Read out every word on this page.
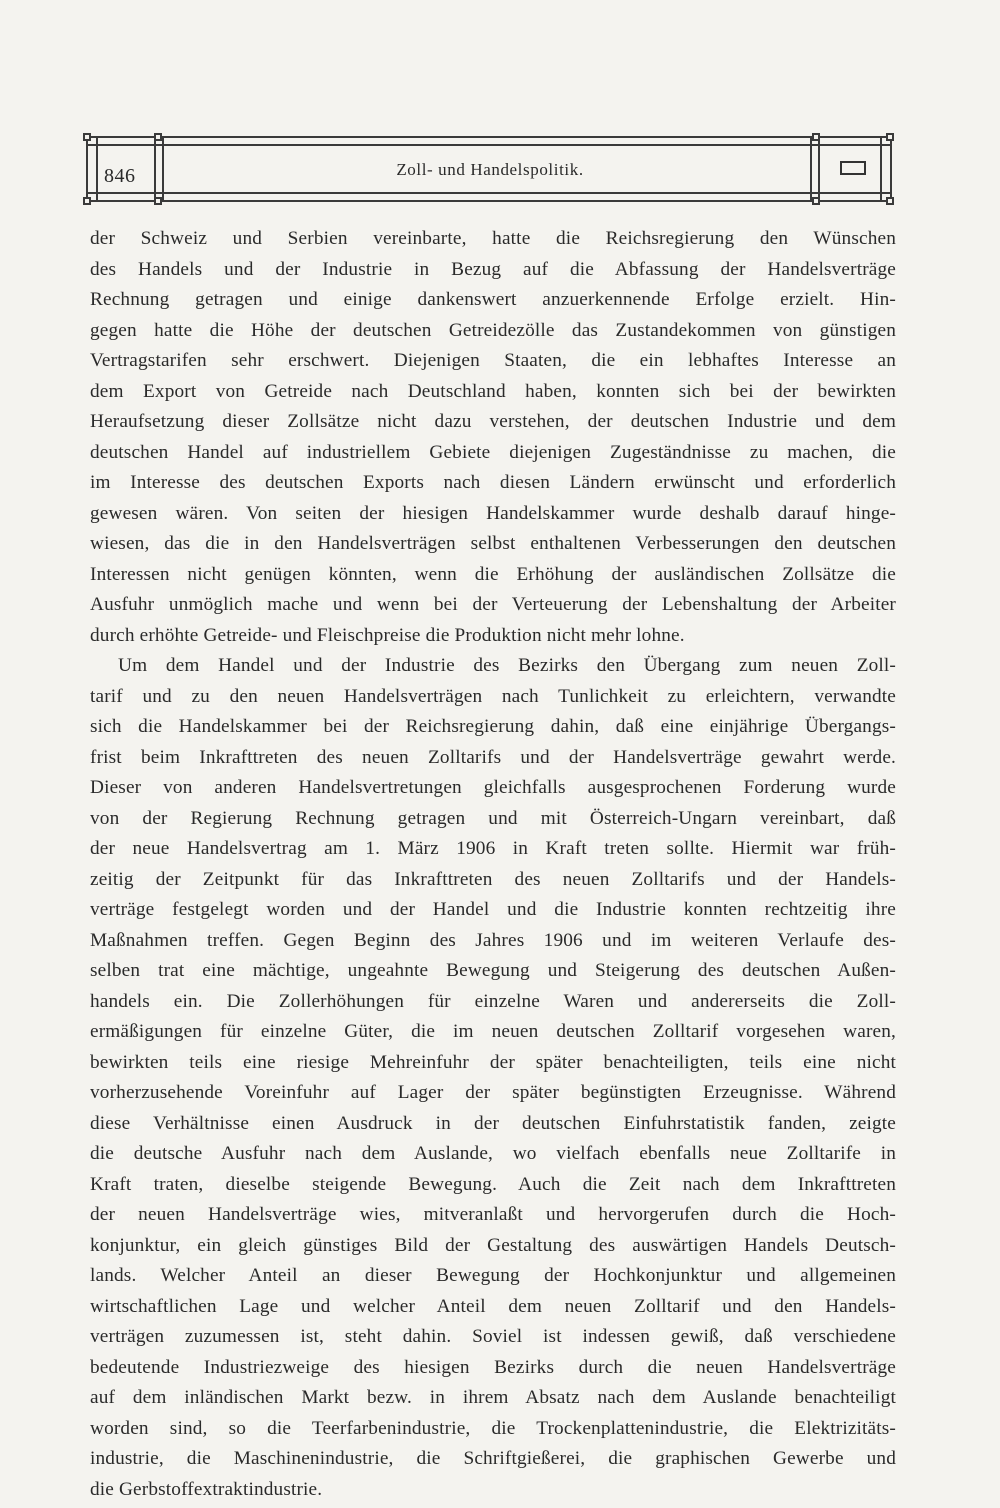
846	Zoll- und Handelspolitik.
der Schweiz und Serbien vereinbarte, hatte die Reichsregierung den Wünschen
des Handels und der Industrie in Bezug auf die Abfassung der Handelsverträge
Rechnung getragen und einige dankenswert anzuerkennende Erfolge erzielt. Hin-
gegen hatte die Höhe der deutschen Getreidezölle das Zustandekommen von günstigen
Vertragstarifen sehr erschwert. Diejenigen Staaten, die ein lebhaftes Interesse an
dem Export von Getreide nach Deutschland haben, konnten sich bei der bewirkten
Heraufsetzung dieser Zollsätze nicht dazu verstehen, der deutschen Industrie und dem
deutschen Handel auf industriellem Gebiete diejenigen Zugeständnisse zu machen, die
im Interesse des deutschen Exports nach diesen Ländern erwünscht und erforderlich
gewesen wären. Von seiten der hiesigen Handelskammer wurde deshalb darauf hinge-
wiesen, das die in den Handelsverträgen selbst enthaltenen Verbesserungen den deutschen
Interessen nicht genügen könnten, wenn die Erhöhung der ausländischen Zollsätze die
Ausfuhr unmöglich mache und wenn bei der Verteuerung der Lebenshaltung der Arbeiter
durch erhöhte Getreide- und Fleischpreise die Produktion nicht mehr lohne.
Um dem Handel und der Industrie des Bezirks den Übergang zum neuen Zoll-
tarif und zu den neuen Handelsverträgen nach Tunlichkeit zu erleichtern, verwandte
sich die Handelskammer bei der Reichsregierung dahin, daß eine einjährige Übergangs-
frist beim Inkrafttreten des neuen Zolltarifs und der Handelsverträge gewahrt werde.
Dieser von anderen Handelsvertretungen gleichfalls ausgesprochenen Forderung wurde
von der Regierung Rechnung getragen und mit Österreich-Ungarn vereinbart, daß
der neue Handelsvertrag am 1. März 1906 in Kraft treten sollte. Hiermit war früh-
zeitig der Zeitpunkt für das Inkrafttreten des neuen Zolltarifs und der Handels-
verträge festgelegt worden und der Handel und die Industrie konnten rechtzeitig ihre
Maßnahmen treffen. Gegen Beginn des Jahres 1906 und im weiteren Verlaufe des-
selben trat eine mächtige, ungeahnte Bewegung und Steigerung des deutschen Außen-
handels ein. Die Zollerhöhungen für einzelne Waren und andererseits die Zoll-
ermäßigungen für einzelne Güter, die im neuen deutschen Zolltarif vorgesehen waren,
bewirkten teils eine riesige Mehreinfuhr der später benachteiligten, teils eine nicht
vorherzusehende Voreinfuhr auf Lager der später begünstigten Erzeugnisse. Während
diese Verhältnisse einen Ausdruck in der deutschen Einfuhrstatistik fanden, zeigte
die deutsche Ausfuhr nach dem Auslande, wo vielfach ebenfalls neue Zolltarife in
Kraft traten, dieselbe steigende Bewegung. Auch die Zeit nach dem Inkrafttreten
der neuen Handelsverträge wies, mitveranlaßt und hervorgerufen durch die Hoch-
konjunktur, ein gleich günstiges Bild der Gestaltung des auswärtigen Handels Deutsch-
lands. Welcher Anteil an dieser Bewegung der Hochkonjunktur und allgemeinen
wirtschaftlichen Lage und welcher Anteil dem neuen Zolltarif und den Handels-
verträgen zuzumessen ist, steht dahin. Soviel ist indessen gewiß, daß verschiedene
bedeutende Industriezweige des hiesigen Bezirks durch die neuen Handelsverträge
auf dem inländischen Markt bezw. in ihrem Absatz nach dem Auslande benachteiligt
worden sind, so die Teerfarbenindustrie, die Trockenplattenindustrie, die Elektrizitäts-
industrie, die Maschinenindustrie, die Schriftgießerei, die graphischen Gewerbe und
die Gerbstoffextraktindustrie.
